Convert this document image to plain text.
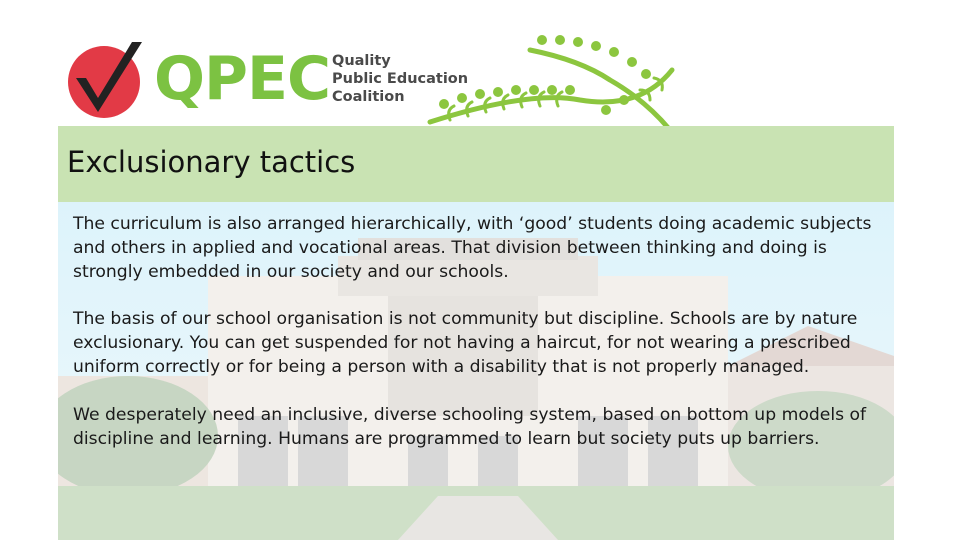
QPEC Quality
Public Education
Coalition
Exclusionary tactics

The curriculum is also arranged hierarchically, with ‘good’ students doing academic subjects and others in applied and vocational areas. That division between thinking and doing is strongly embedded in our society and our schools.

The basis of our school organisation is not community but discipline. Schools are by nature exclusionary. You can get suspended for not having a haircut, for not wearing a prescribed uniform correctly or for being a person with a disability that is not properly managed.

We desperately need an inclusive, diverse schooling system, based on bottom up models of discipline and learning. Humans are programmed to learn but society puts up barriers.
